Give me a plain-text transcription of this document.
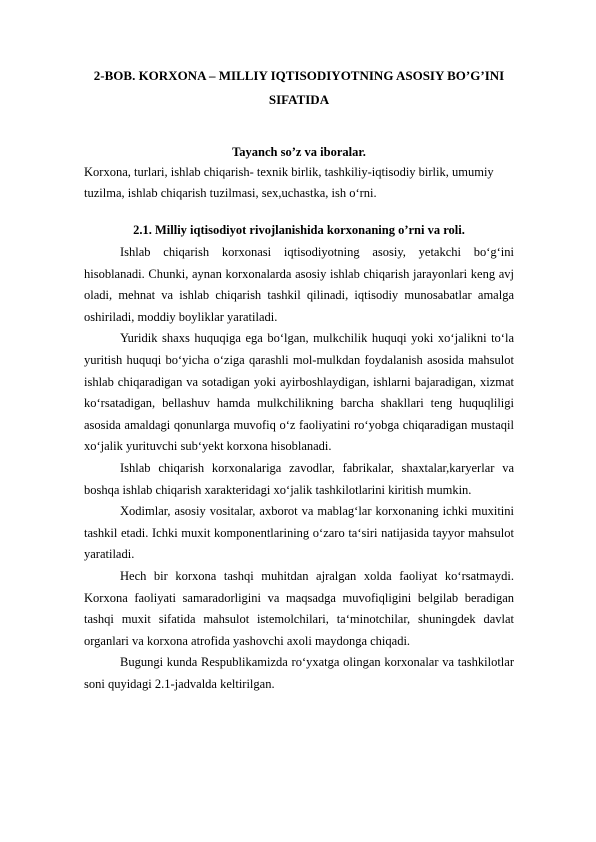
2-BOB. KORXONA – MILLIY IQTISODIYOTNING ASOSIY BO’G’INI
SIFATIDA

Tayanch so’z va iboralar.

Korxona, turlari, ishlab chiqarish- texnik birlik, tashkiliy-iqtisodiy birlik, umumiy tuzilma, ishlab chiqarish tuzilmasi, sex,uchastka, ish o‘rni.

2.1. Milliy iqtisodiyot rivojlanishida korxonaning o’rni va roli.

Ishlab chiqarish korxonasi iqtisodiyotning asosiy, yetakchi bo‘g‘ini hisoblanadi. Chunki, aynan korxonalarda asosiy ishlab chiqarish jarayonlari keng avj oladi, mehnat va ishlab chiqarish tashkil qilinadi, iqtisodiy munosabatlar amalga oshiriladi, moddiy boyliklar yaratiladi.

Yuridik shaxs huquqiga ega bo‘lgan, mulkchilik huquqi yoki xo‘jalikni to‘la yuritish huquqi bo‘yicha o‘ziga qarashli mol-mulkdan foydalanish asosida mahsulot ishlab chiqaradigan va sotadigan yoki ayirboshlaydigan, ishlarni bajaradigan, xizmat ko‘rsatadigan, bellashuv hamda mulkchilikning barcha shakllari teng huquqliligi asosida amaldagi qonunlarga muvofiq o‘z faoliyatini ro‘yobga chiqaradigan mustaqil xo‘jalik yurituvchi sub‘yekt korxona hisoblanadi.

Ishlab chiqarish korxonalariga zavodlar, fabrikalar, shaxtalar,karyerlar va boshqa ishlab chiqarish xarakteridagi xo‘jalik tashkilotlarini kiritish mumkin.

Xodimlar, asosiy vositalar, axborot va mablag‘lar korxonaning ichki muxitini tashkil etadi. Ichki muxit komponentlarining o‘zaro ta‘siri natijasida tayyor mahsulot yaratiladi.

Hech bir korxona tashqi muhitdan ajralgan xolda faoliyat ko‘rsatmaydi. Korxona faoliyati samaradorligini va maqsadga muvofiqligini belgilab beradigan tashqi muxit sifatida mahsulot istemolchilari, ta‘minotchilar, shuningdek davlat organlari va korxona atrofida yashovchi axoli maydonga chiqadi.

Bugungi kunda Respublikamizda ro‘yxatga olingan korxonalar va tashkilotlar soni quyidagi 2.1-jadvalda keltirilgan.
